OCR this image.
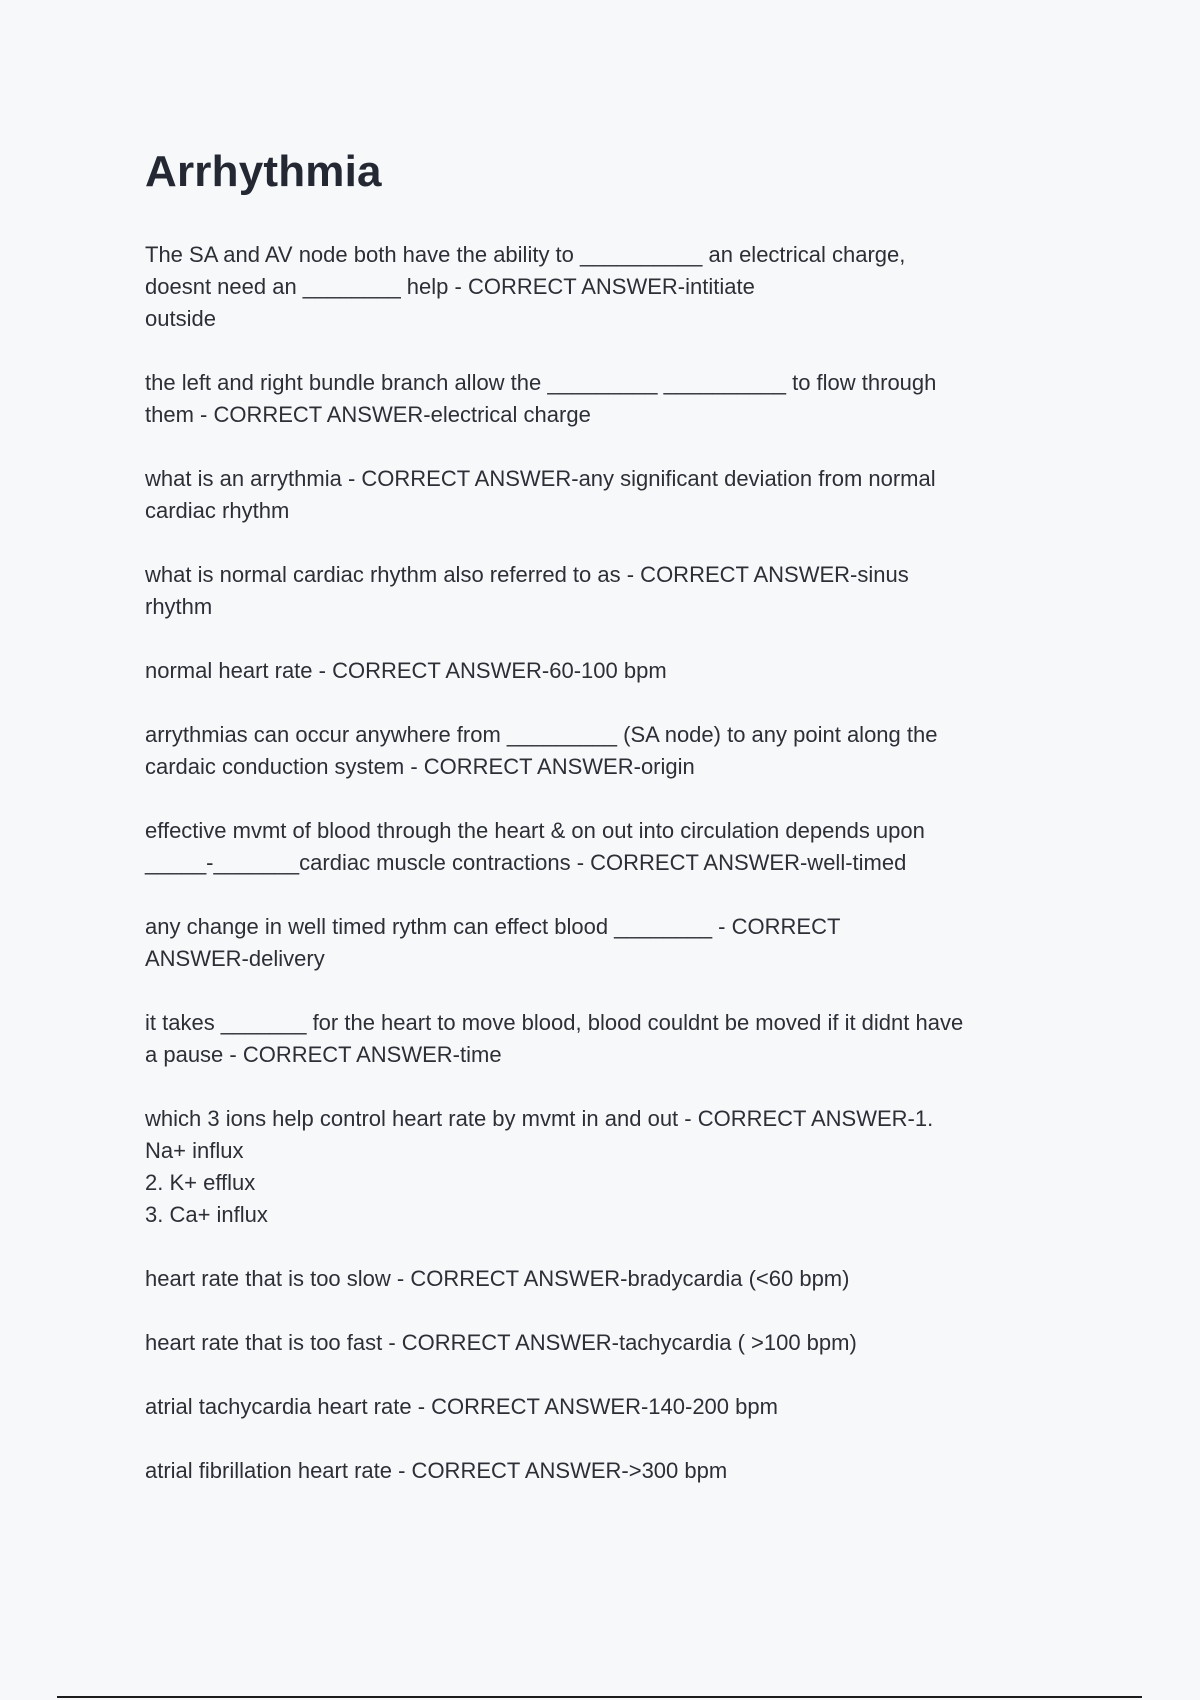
Arrhythmia

The SA and AV node both have the ability to __________ an electrical charge,
doesnt need an ________ help - CORRECT ANSWER-intitiate
outside

the left and right bundle branch allow the _________ __________ to flow through
them - CORRECT ANSWER-electrical charge

what is an arrythmia - CORRECT ANSWER-any significant deviation from normal
cardiac rhythm

what is normal cardiac rhythm also referred to as - CORRECT ANSWER-sinus
rhythm

normal heart rate - CORRECT ANSWER-60-100 bpm

arrythmias can occur anywhere from _________ (SA node) to any point along the
cardaic conduction system - CORRECT ANSWER-origin

effective mvmt of blood through the heart & on out into circulation depends upon
_____-_______cardiac muscle contractions - CORRECT ANSWER-well-timed

any change in well timed rythm can effect blood ________ - CORRECT
ANSWER-delivery

it takes _______ for the heart to move blood, blood couldnt be moved if it didnt have
a pause - CORRECT ANSWER-time

which 3 ions help control heart rate by mvmt in and out - CORRECT ANSWER-1.
Na+ influx
2. K+ efflux
3. Ca+ influx

heart rate that is too slow - CORRECT ANSWER-bradycardia (<60 bpm)

heart rate that is too fast - CORRECT ANSWER-tachycardia ( >100 bpm)

atrial tachycardia heart rate - CORRECT ANSWER-140-200 bpm

atrial fibrillation heart rate - CORRECT ANSWER->300 bpm
